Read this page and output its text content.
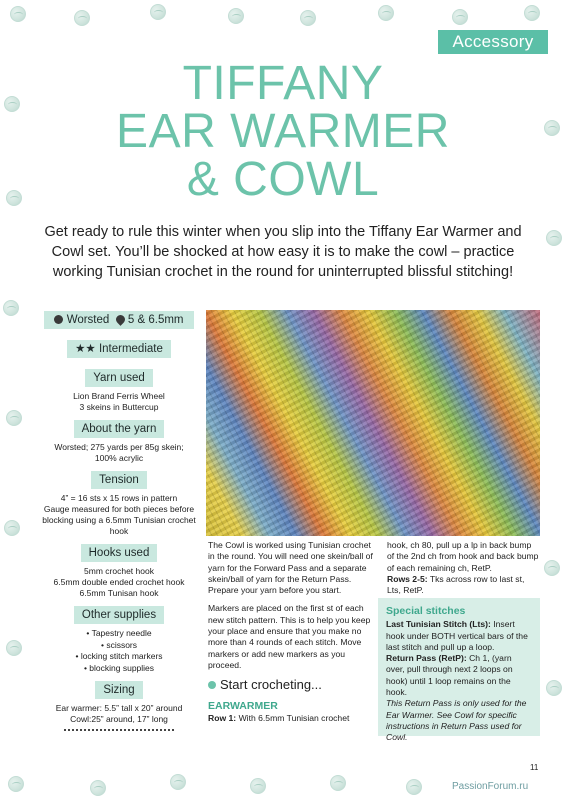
Accessory
TIFFANY
EAR WARMER
& COWL

Get ready to rule this winter when you slip into the Tiffany Ear Warmer and Cowl set. You’ll be shocked at how easy it is to make the cowl – practice working Tunisian crochet in the round for uninterrupted blissful stitching!

Worsted 5 & 6.5mm
★★ Intermediate
Yarn used
Lion Brand Ferris Wheel
3 skeins in Buttercup
About the yarn
Worsted; 275 yards per 85g skein;
100% acrylic
Tension
4” = 16 sts x 15 rows in pattern
Gauge measured for both pieces before
blocking using a 6.5mm Tunisian crochet
hook
Hooks used
5mm crochet hook
6.5mm double ended crochet hook
6.5mm Tunisan hook
Other supplies
• Tapestry needle
• scissors
• locking stitch markers
• blocking supplies
Sizing
Ear warmer: 5.5” tall x 20” around
Cowl:25” around, 17” long

The Cowl is worked using Tunisian crochet in the round. You will need one skein/ball of yarn for the Forward Pass and a separate skein/ball of yarn for the Return Pass. Prepare your yarn before you start.

Markers are placed on the first st of each new stitch pattern. This is to help you keep your place and ensure that you make no more than 4 rounds of each stitch. Move markers or add new markers as you proceed.

Start crocheting...
EARWARMER
Row 1: With 6.5mm Tunisian crochet
hook, ch 80, pull up a lp in back bump of the 2nd ch from hook and back bump of each remaining ch, RetP.
Rows 2-5: Tks across row to last st, Lts, RetP.
Special stitches
Last Tunisian Stitch (Lts): Insert hook under BOTH vertical bars of the last stitch and pull up a loop.
Return Pass (RetP): Ch 1, (yarn over, pull through next 2 loops on hook) until 1 loop remains on the hook.
This Return Pass is only used for the Ear Warmer. See Cowl for specific instructions in Return Pass used for Cowl.
11
PassionForum.ru
